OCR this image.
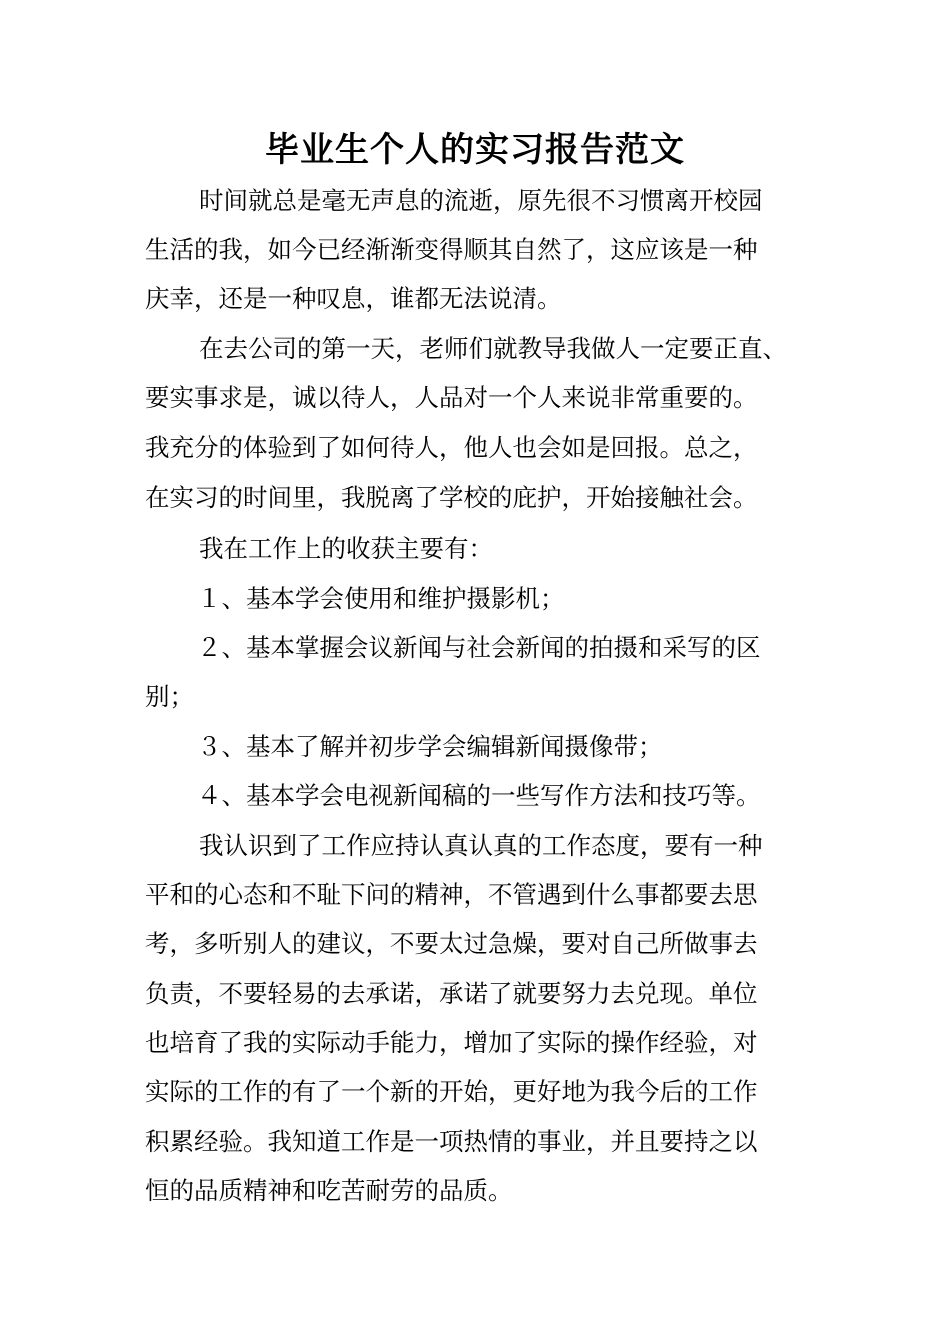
毕业生个人的实习报告范文
时间就总是毫无声息的流逝，原先很不习惯离开校园
生活的我，如今已经渐渐变得顺其自然了，这应该是一种
庆幸，还是一种叹息，谁都无法说清。
在去公司的第一天，老师们就教导我做人一定要正直、
要实事求是，诚以待人，人品对一个人来说非常重要的。
我充分的体验到了如何待人，他人也会如是回报。总之，
在实习的时间里，我脱离了学校的庇护，开始接触社会。
我在工作上的收获主要有：
１、基本学会使用和维护摄影机；
２、基本掌握会议新闻与社会新闻的拍摄和采写的区
别；
３、基本了解并初步学会编辑新闻摄像带；
４、基本学会电视新闻稿的一些写作方法和技巧等。
我认识到了工作应持认真认真的工作态度，要有一种
平和的心态和不耻下问的精神，不管遇到什么事都要去思
考，多听别人的建议，不要太过急燥，要对自己所做事去
负责，不要轻易的去承诺，承诺了就要努力去兑现。单位
也培育了我的实际动手能力，增加了实际的操作经验，对
实际的工作的有了一个新的开始，更好地为我今后的工作
积累经验。我知道工作是一项热情的事业，并且要持之以
恒的品质精神和吃苦耐劳的品质。
